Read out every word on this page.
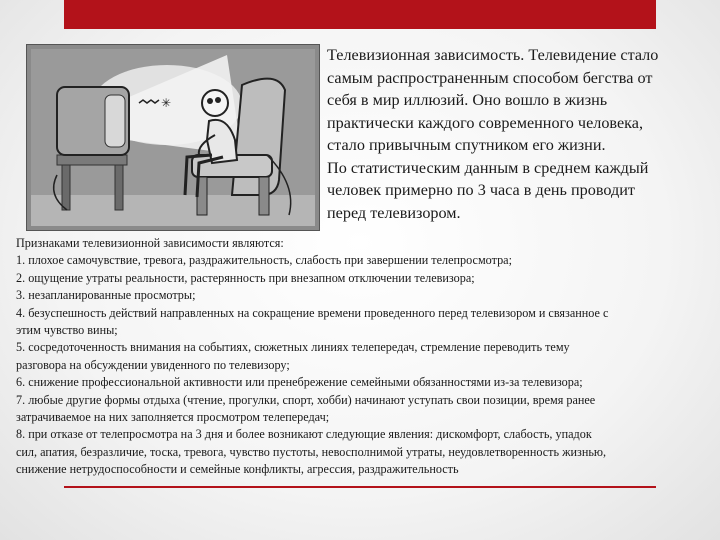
✳

Телевизионная зависимость. Телевидение стало

самым распространенным способом бегства от

себя в мир иллюзий. Оно вошло в жизнь

практически каждого современного человека,

стало привычным спутником его жизни.

По статистическим данным в среднем каждый

человек примерно по 3 часа в день проводит

перед телевизором.

Признаками телевизионной зависимости являются:

1. плохое самочувствие, тревога, раздражительность, слабость при завершении телепросмотра;

2. ощущение утраты реальности, растерянность при внезапном отключении телевизора;

3. незапланированные просмотры;

4. безуспешность действий направленных на сокращение времени проведенного перед телевизором и связанное с

этим чувство вины;

5. сосредоточенность внимания на событиях, сюжетных линиях телепередач, стремление переводить тему

разговора на обсуждении увиденного по телевизору;

6. снижение профессиональной активности или пренебрежение семейными обязанностями из-за телевизора;

7. любые другие формы отдыха (чтение, прогулки, спорт, хобби) начинают уступать свои позиции, время ранее

затрачиваемое на них заполняется просмотром телепередач;

8. при отказе от телепросмотра на 3 дня и более возникают следующие явления: дискомфорт, слабость, упадок

сил, апатия, безразличие, тоска, тревога, чувство пустоты, невосполнимой утраты, неудовлетворенность жизнью,

снижение нетрудоспособности и семейные конфликты, агрессия, раздражительность
